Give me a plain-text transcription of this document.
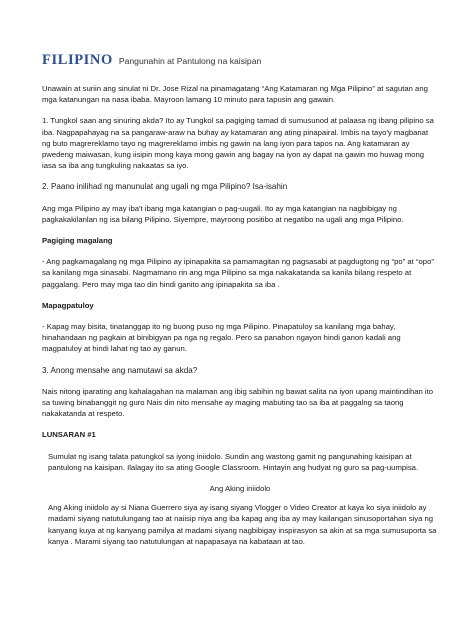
FILIPINO Pangunahin at Pantulong na kaisipan

Unawain at suriin ang sinulat ni Dr. Jose Rizal na pinamagatang “Ang Katamaran ng Mga Pilipino” at sagutan ang mga katanungan na nasa ibaba. Mayroon lamang 10 minuto para tapusin ang gawain.

1. Tungkol saan ang sinuring akda? Ito ay Tungkol sa pagiging tamad di sumusunod at palaasa ng ibang pilipino sa iba. Nagpapahayag na sa pangaraw-araw na buhay ay katamaran ang ating pinapairal. Imbis na tayo'y magbanat ng buto magrereklamo tayo ng magrereklamo imbis ng gawin na lang iyon para tapos na. Ang katamaran ay pwedeng maiwasan, kung iisipin mong kaya mong gawin ang bagay na iyon ay dapat na gawin mo huwag mong iasa sa iba ang tungkuling nakaatas sa iyo.

2. Paano inilihad ng manunulat ang ugali ng mga Pilipino? Isa-isahin

Ang mga Pilipino ay may iba't ibang mga katangian o pag-uugali. Ito ay mga katangian na nagbibigay ng pagkakakilanlan ng isa bilang Pilipino. Siyempre, mayroong positibo at negatibo na ugali ang mga Pilipino.

Pagiging magalang

- Ang pagkamagalang ng mga Pilipino ay ipinapakita sa pamamagitan ng pagsasabi at pagdugtong ng “po” at “opo” sa kanilang mga sinasabi. Nagmamano rin ang mga Pilipino sa mga nakakatanda sa kanila bilang respeto at paggalang. Pero may mga tao din hindi ganito ang ipinapakita sa iba .

Mapagpatuloy

- Kapag may bisita, tinatanggap ito ng buong puso ng mga Pilipino. Pinapatuloy sa kanilang mga bahay, hinahandaan ng pagkain at binibigyan pa nga ng regalo. Pero sa panahon ngayon hindi ganon kadali ang magpatuloy at hindi lahat ng tao ay ganun.

3. Anong mensahe ang namutawi sa akda?

Nais nitong iparating ang kahalagahan na malaman ang ibig sabihin ng bawat salita na iyon upang maintindihan ito sa tuwing binabanggit ng guro Nais din nito mensahe ay maging mabuting tao sa iba at paggalng sa taong nakakatanda at respeto.

LUNSARAN #1

Sumulat ng isang talata patungkol sa iyong iniidolo. Sundin ang wastong gamit ng pangunahing kaisipan at pantulong na kaisipan. Ilalagay ito sa ating Google Classroom. Hintayin ang hudyat ng guro sa pag-uumpisa.

Ang Aking iniidolo

Ang Aking iniidolo ay si Niana Guerrero siya ay isang siyang Vlogger o Video Creator at kaya ko siya iniidolo ay madami siyang natutulungang tao at naiisip niya ang iba kapag ang iba ay may kailangan sinusoportahan siya ng kanyang kuya at ng kanyang pamilya at madami siyang nagbibigay inspirasyon sa akin at sa mga sumusuporta sa kanya . Marami siyang tao natutulungan at napapasaya na kabataan at tao.
